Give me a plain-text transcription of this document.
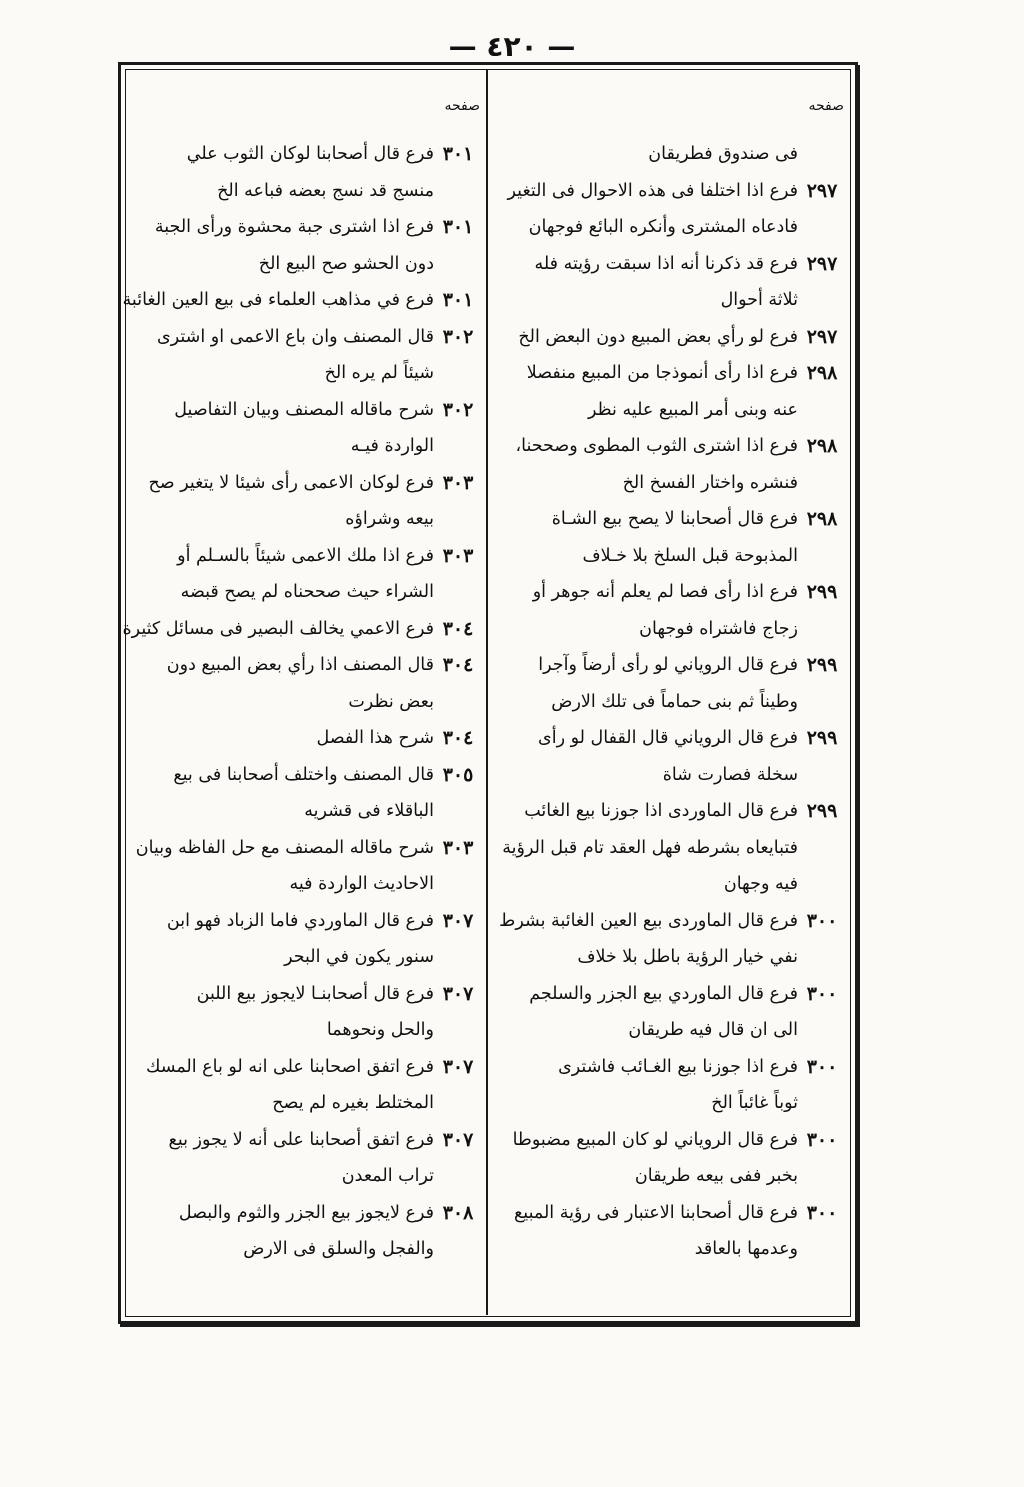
— ٤٢٠ —
صفحه
فى صندوق فطريقان
٢٩٧
فرع اذا اختلفا فى هذه الاحوال فى التغير
فادعاه المشترى وأنكره البائع فوجهان
٢٩٧
فرع قد ذكرنا أنه اذا سبقت رؤيته فله
ثلاثة أحوال
٢٩٧
فرع لو رأي بعض المبيع دون البعض الخ
٢٩٨
فرع اذا رأى أنموذجا من المبيع منفصلا
عنه وبنى أمر المبيع عليه نظر
٢٩٨
فرع اذا اشترى الثوب المطوى وصححنا،
فنشره واختار الفسخ الخ
٢٩٨
فرع قال أصحابنا لا يصح بيع الشـاة
المذبوحة قبل السلخ بلا خـلاف
٢٩٩
فرع اذا رأى فصا لم يعلم أنه جوهر أو
زجاج فاشتراه فوجهان
٢٩٩
فرع قال الروياني لو رأى أرضاً وآجرا
وطيناً ثم بنى حماماً فى تلك الارض
٢٩٩
فرع قال الروياني قال القفال لو رأى
سخلة فصارت شاة
٢٩٩
فرع قال الماوردى اذا جوزنا بيع الغائب
فتبايعاه بشرطه فهل العقد تام قبل الرؤية
فيه وجهان
٣٠٠
فرع قال الماوردى بيع العين الغائبة بشرط
نفي خيار الرؤية باطل بلا خلاف
٣٠٠
فرع قال الماوردي بيع الجزر والسلجم
الى ان قال فيه طريقان
٣٠٠
فرع اذا جوزنا بيع الغـائب فاشترى
ثوباً غائباً الخ
٣٠٠
فرع قال الروياني لو كان المبيع مضبوطا
بخبر ففى بيعه طريقان
٣٠٠
فرع قال أصحابنا الاعتبار فى رؤية المبيع
وعدمها بالعاقد
صفحه
٣٠١
فرع قال أصحابنا لوكان الثوب علي
منسج قد نسج بعضه فباعه الخ
٣٠١
فرع اذا اشترى جبة محشوة ورأى الجبة
دون الحشو صح البيع الخ
٣٠١
فرع في مذاهب العلماء فى بيع العين الغائبة
٣٠٢
قال المصنف وان باع الاعمى او اشترى
شيئاً لم يره الخ
٣٠٢
شرح ماقاله المصنف وبيان التفاصيل
الواردة فيـه
٣٠٣
فرع لوكان الاعمى رأى شيئا لا يتغير صح
بيعه وشراؤه
٣٠٣
فرع اذا ملك الاعمى شيئاً بالسـلم أو
الشراء حيث صححناه لم يصح قبضه
٣٠٤
فرع الاعمي يخالف البصير فى مسائل كثيرة
٣٠٤
قال المصنف اذا رأي بعض المبيع دون
بعض نظرت
٣٠٤
شرح هذا الفصل
٣٠٥
قال المصنف واختلف أصحابنا فى بيع
الباقلاء فى قشريه
٣٠٣
شرح ماقاله المصنف مع حل الفاظه وبيان
الاحاديث الواردة فيه
٣٠٧
فرع قال الماوردي فاما الزباد فهو ابن
سنور يكون في البحر
٣٠٧
فرع قال أصحابنـا لايجوز بيع اللبن
والحل ونحوهما
٣٠٧
فرع اتفق اصحابنا على انه لو باع المسك
المختلط بغيره لم يصح
٣٠٧
فرع اتفق أصحابنا على أنه لا يجوز بيع
تراب المعدن
٣٠٨
فرع لايجوز بيع الجزر والثوم والبصل
والفجل والسلق فى الارض
